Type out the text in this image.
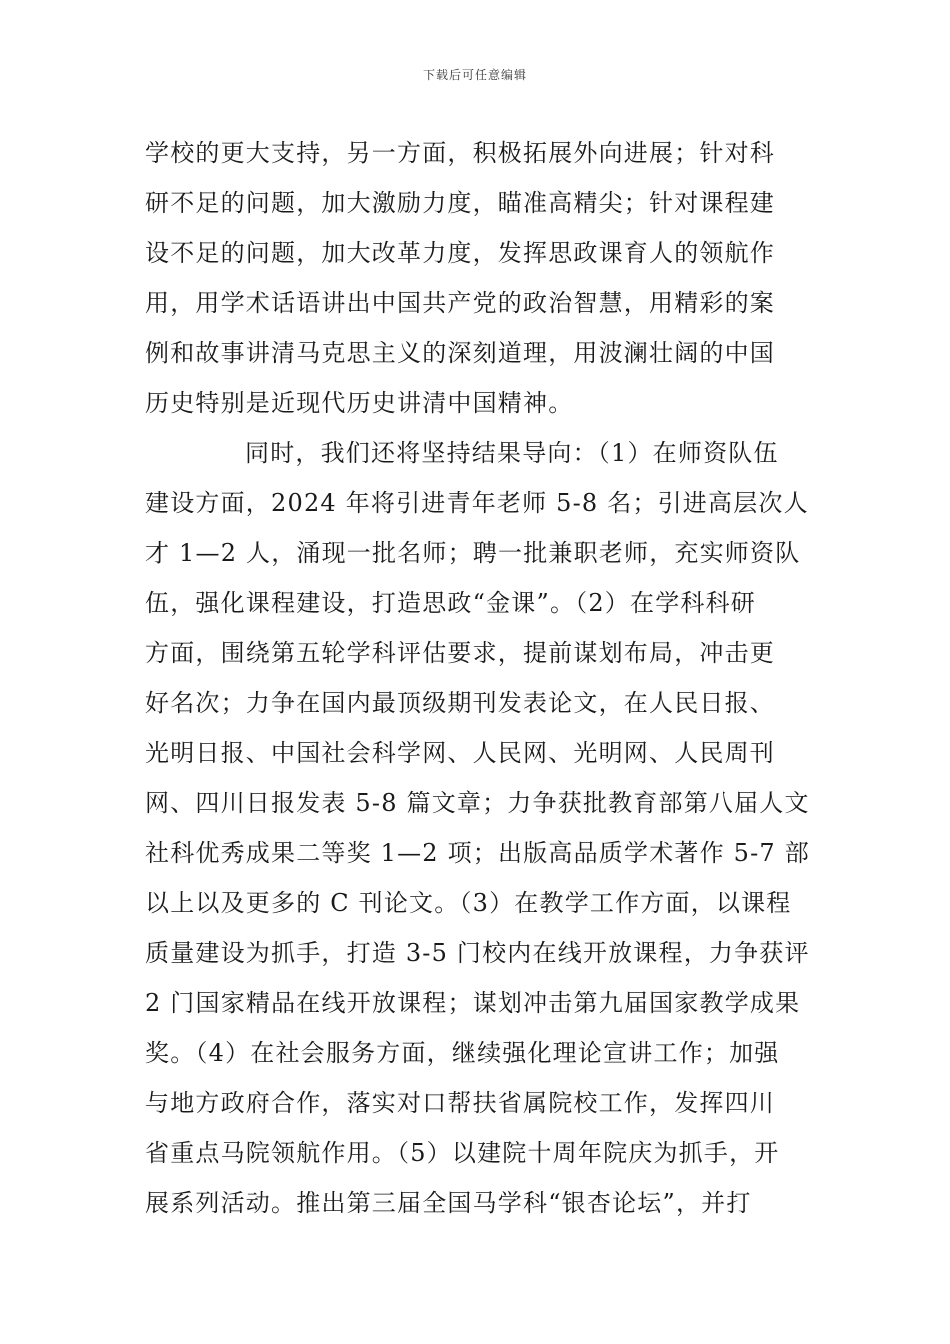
下载后可任意编辑
学校的更大支持，另一方面，积极拓展外向进展；针对科
研不足的问题，加大激励力度，瞄准高精尖；针对课程建
设不足的问题，加大改革力度，发挥思政课育人的领航作
用，用学术话语讲出中国共产党的政治智慧，用精彩的案
例和故事讲清马克思主义的深刻道理，用波澜壮阔的中国
历史特别是近现代历史讲清中国精神。
同时，我们还将坚持结果导向：（1）在师资队伍
建设方面，2024 年将引进青年老师 5-8 名；引进高层次人
才 1—2 人，涌现一批名师；聘一批兼职老师，充实师资队
伍，强化课程建设，打造思政“金课”。（2）在学科科研
方面，围绕第五轮学科评估要求，提前谋划布局，冲击更
好名次；力争在国内最顶级期刊发表论文，在人民日报、
光明日报、中国社会科学网、人民网、光明网、人民周刊
网、四川日报发表 5-8 篇文章；力争获批教育部第八届人文
社科优秀成果二等奖 1—2 项；出版高品质学术著作 5-7 部
以上以及更多的 C 刊论文。（3）在教学工作方面，以课程
质量建设为抓手，打造 3-5 门校内在线开放课程，力争获评
2 门国家精品在线开放课程；谋划冲击第九届国家教学成果
奖。（4）在社会服务方面，继续强化理论宣讲工作；加强
与地方政府合作，落实对口帮扶省属院校工作，发挥四川
省重点马院领航作用。（5）以建院十周年院庆为抓手，开
展系列活动。推出第三届全国马学科“银杏论坛”，并打
